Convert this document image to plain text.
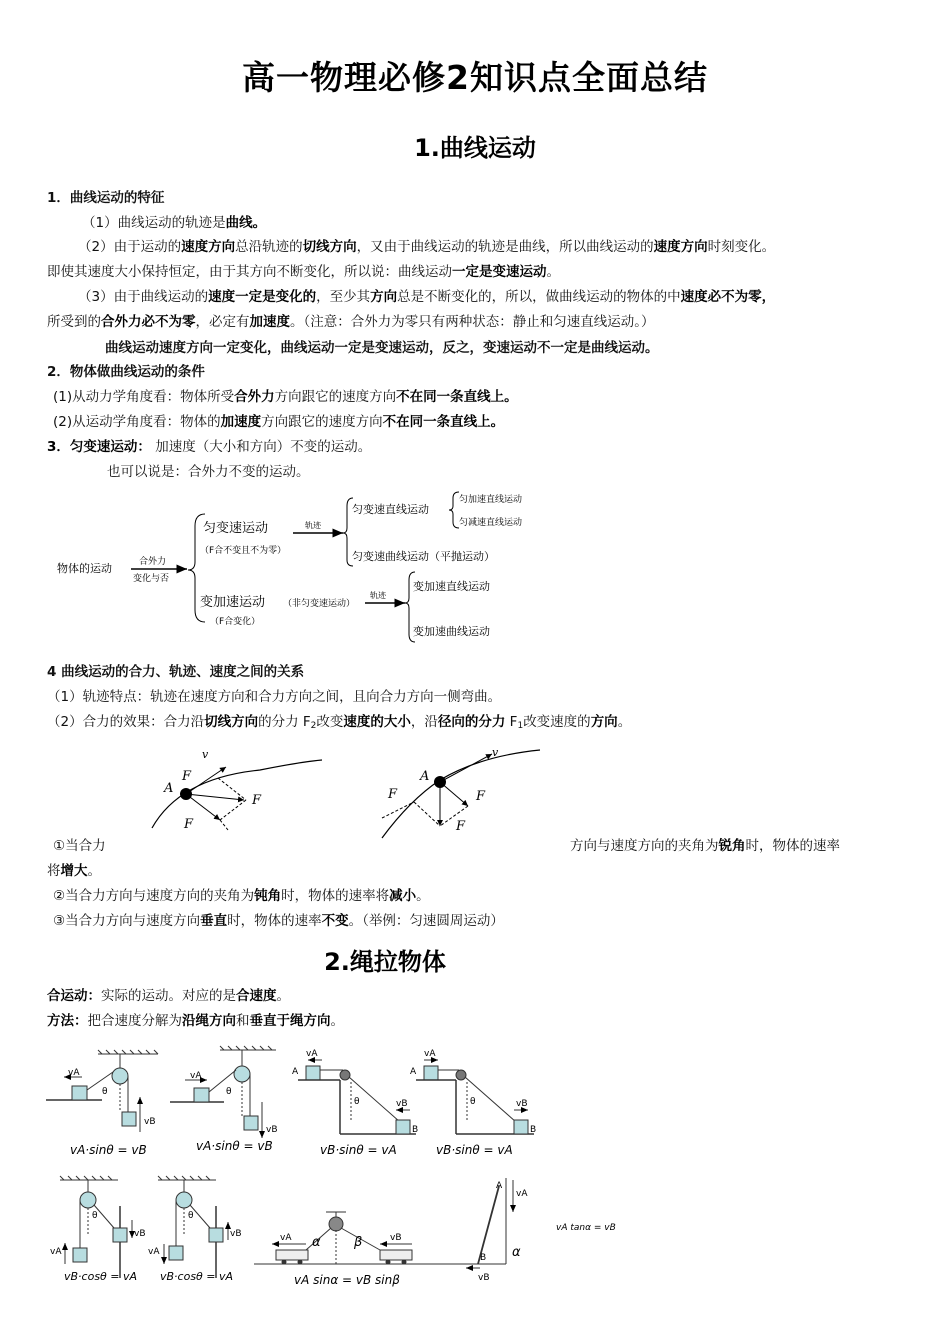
高一物理必修2知识点全面总结
1.曲线运动
1．曲线运动的特征
（1）曲线运动的轨迹是曲线。
（2）由于运动的速度方向总沿轨迹的切线方向，又由于曲线运动的轨迹是曲线，所以曲线运动的速度方向时刻变化。
即使其速度大小保持恒定，由于其方向不断变化，所以说：曲线运动一定是变速运动。
（3）由于曲线运动的速度一定是变化的，至少其方向总是不断变化的，所以，做曲线运动的物体的中速度必不为零，
所受到的合外力必不为零，必定有加速度。（注意：合外力为零只有两种状态：静止和匀速直线运动。）
曲线运动速度方向一定变化，曲线运动一定是变速运动，反之，变速运动不一定是曲线运动。
2．物体做曲线运动的条件
(1)从动力学角度看：物体所受合外力方向跟它的速度方向不在同一条直线上。
(2)从运动学角度看：物体的加速度方向跟它的速度方向不在同一条直线上。
3．匀变速运动： 加速度（大小和方向）不变的运动。
也可以说是：合外力不变的运动。
物体的运动	合外力
变化与否
匀变速运动
（F合不变且不为零）
轨迹
匀变速直线运动
匀加速直线运动
匀减速直线运动
匀变速曲线运动（平抛运动）
变加速运动 （非匀变速运动）
（F合变化）
轨迹
变加速直线运动
变加速曲线运动
4 曲线运动的合力、轨迹、速度之间的关系
（1）轨迹特点：轨迹在速度方向和合力方向之间，且向合力方向一侧弯曲。
（2）合力的效果：合力沿切线方向的分力 $F_2$改变速度的大小，沿径向的分力 $F_1$改变速度的方向。
A
v
F
F
F
A
v
F	F
F
①当合力	方向与速度方向的夹角为锐角时，物体的速率
将增大。
②当合力方向与速度方向的夹角为钝角时，物体的速率将减小。
③当合力方向与速度方向垂直时，物体的速率不变。（举例：匀速圆周运动）
2.绳拉物体
合运动：实际的运动。对应的是合速度。
方法：把合速度分解为沿绳方向和垂直于绳方向。
vA
vB
θ
vA
vB
θ
vA
A
vB
B
θ
vA
A
vB
B
θ
vA·sinθ = vB	vA·sinθ = vB	vB·sinθ = vA	vB·sinθ = vA
vA
vB
θ
vA
vB
θ
vA	vB
A
vA
B
vB
α	β
α
vB·cosθ = vA vB·cosθ = vA	vA sinα = vB sinβ
vA tanα = vB
